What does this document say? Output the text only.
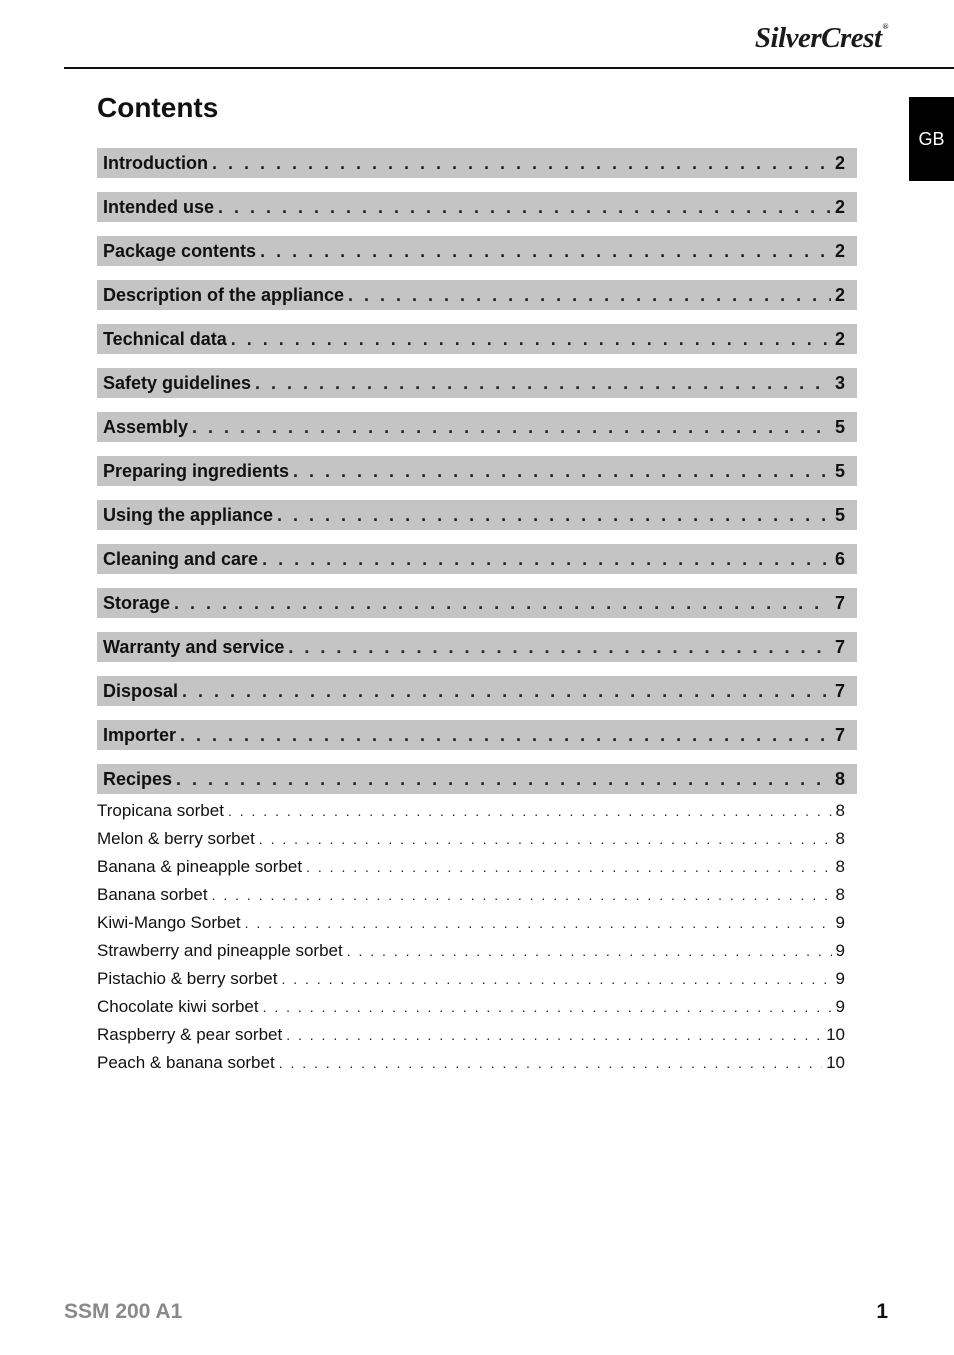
SilverCrest®
GB
Contents
Introduction . . .	2
Intended use . . .	2
Package contents . . .	2
Description of the appliance . . .	2
Technical data . . .	2
Safety guidelines . . .	3
Assembly . . .	5
Preparing ingredients . . .	5
Using the appliance . . .	5
Cleaning and care . . .	6
Storage . . .	7
Warranty and service . . .	7
Disposal . . .	7
Importer . . .	7
Recipes . . .	8
Tropicana sorbet . . .	8
Melon & berry sorbet . . .	8
Banana & pineapple sorbet . . .	8
Banana sorbet . . .	8
Kiwi-Mango Sorbet . . .	9
Strawberry and pineapple sorbet . . .	9
Pistachio & berry sorbet . . .	9
Chocolate kiwi sorbet . . .	9
Raspberry & pear sorbet . . .	10
Peach & banana sorbet . . .	10
SSM 200 A1	1
